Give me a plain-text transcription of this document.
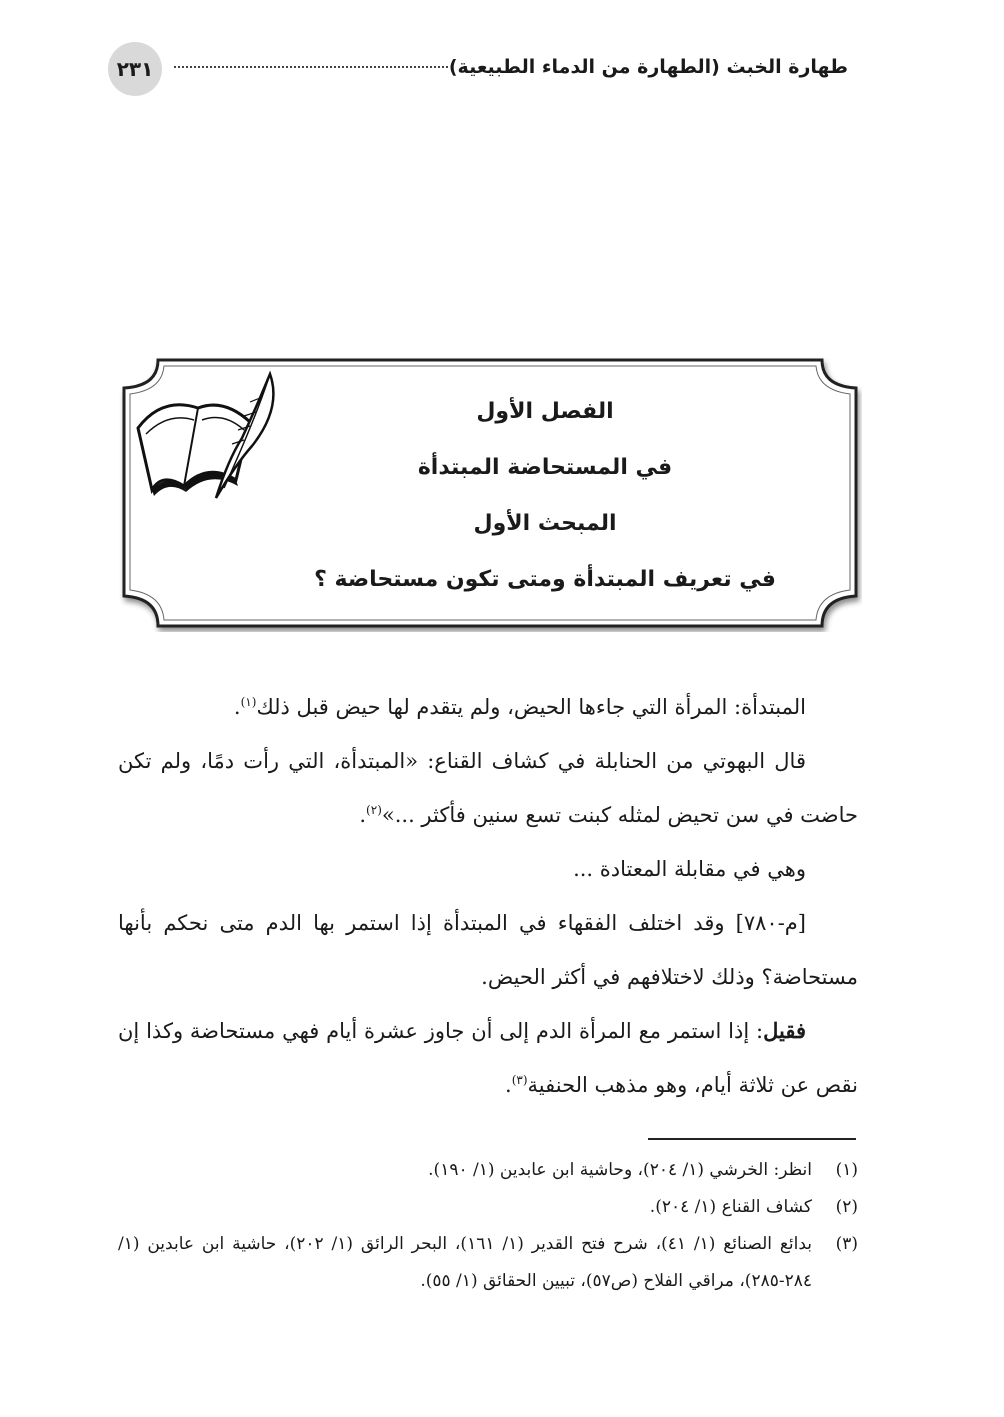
طهارة الخبث (الطهارة من الدماء الطبيعية)
٢٣١
الفصل الأول
في المستحاضة المبتدأة
المبحث الأول
في تعريف المبتدأة ومتى تكون مستحاضة ؟

المبتدأة: المرأة التي جاءها الحيض، ولم يتقدم لها حيض قبل ذلك$^{(١)}$.

قال البهوتي من الحنابلة في كشاف القناع: «المبتدأة، التي رأت دمًا، ولم تكن حاضت في سن تحيض لمثله كبنت تسع سنين فأكثر ...»$^{(٢)}$.

وهي في مقابلة المعتادة ...

[م-٧٨٠] وقد اختلف الفقهاء في المبتدأة إذا استمر بها الدم متى نحكم بأنها مستحاضة؟ وذلك لاختلافهم في أكثر الحيض.

فقيل: إذا استمر مع المرأة الدم إلى أن جاوز عشرة أيام فهي مستحاضة وكذا إن نقص عن ثلاثة أيام، وهو مذهب الحنفية$^{(٣)}$.

(١)
انظر: الخرشي (١/ ٢٠٤)، وحاشية ابن عابدين (١/ ١٩٠).
(٢)
كشاف القناع (١/ ٢٠٤).
(٣)
بدائع الصنائع (١/ ٤١)، شرح فتح القدير (١/ ١٦١)، البحر الرائق (١/ ٢٠٢)، حاشية ابن عابدين (١/ ٢٨٤-٢٨٥)، مراقي الفلاح (ص٥٧)، تبيين الحقائق (١/ ٥٥).
